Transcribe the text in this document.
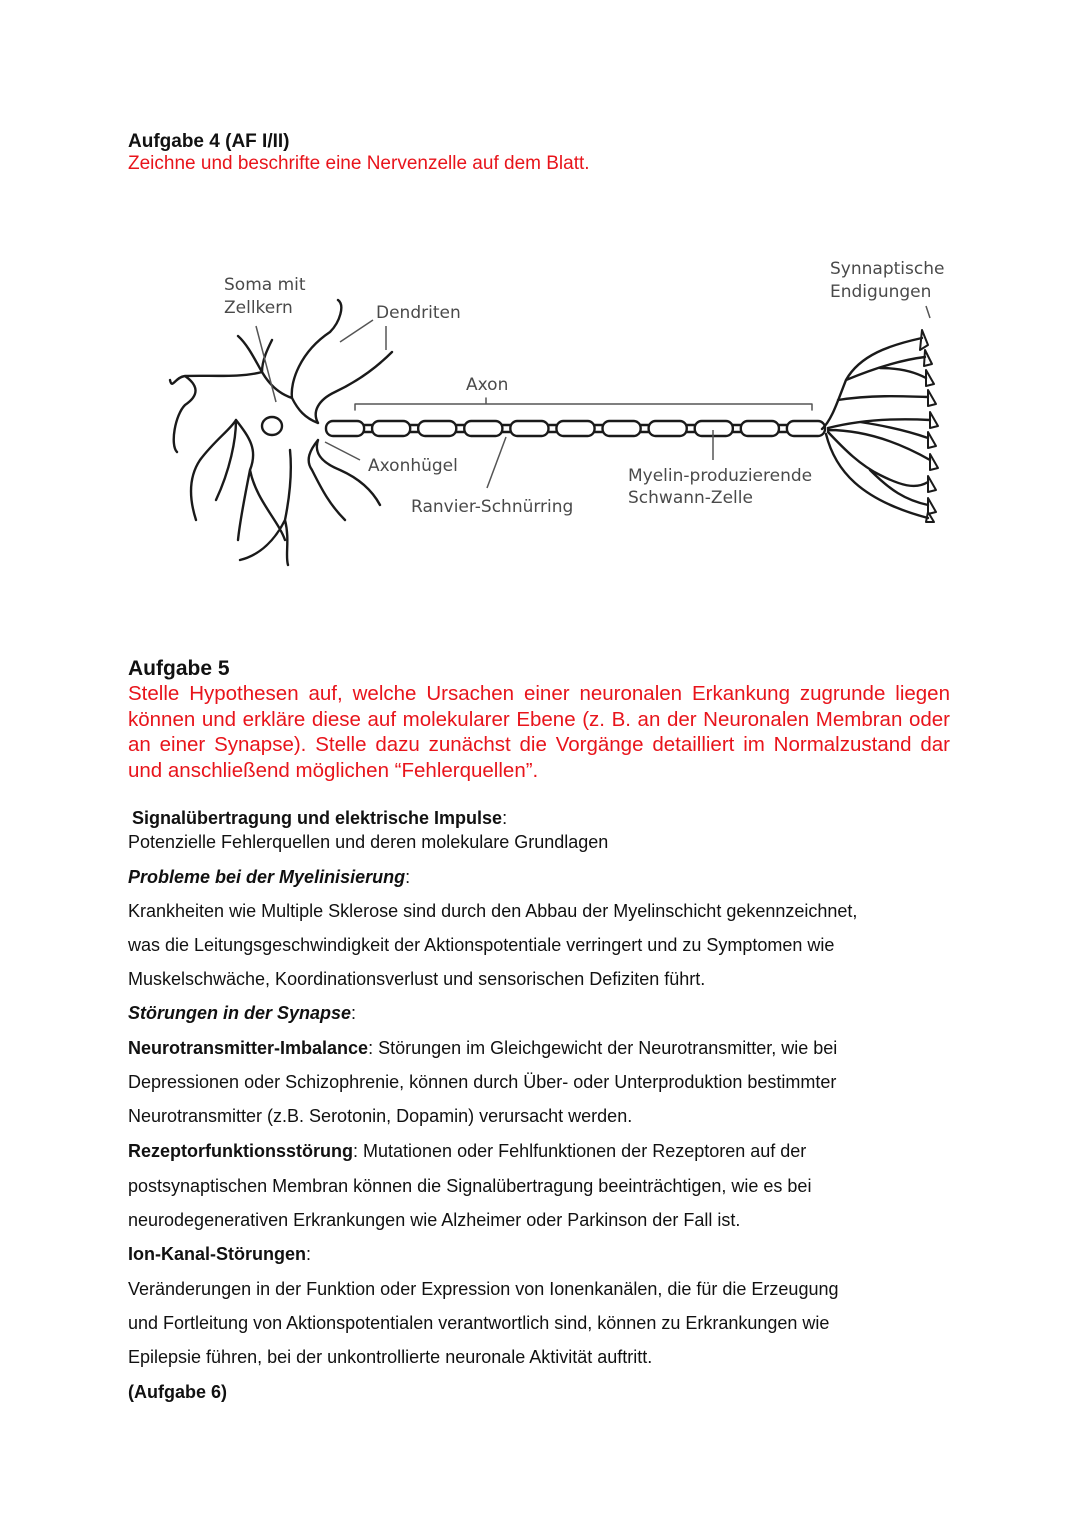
Aufgabe 4 (AF I/II)
Zeichne und beschrifte eine Nervenzelle auf dem Blatt.
Soma mit
Zellkern	Dendriten
Axon
Axonhügel
Ranvier-Schnürring
Myelin-produzierende
Schwann-Zelle
Synnaptische
Endigungen
Aufgabe 5
Stelle Hypothesen auf, welche Ursachen einer neuronalen Erkankung zugrunde liegen können und erkläre diese auf molekularer Ebene (z. B. an der Neuronalen Membran oder an einer Synapse). Stelle dazu zunächst die Vorgänge detailliert im Normalzustand dar und anschließend möglichen “Fehlerquellen”.
Signalübertragung und elektrische Impulse:
Potenzielle Fehlerquellen und deren molekulare Grundlagen
Probleme bei der Myelinisierung:
Krankheiten wie Multiple Sklerose sind durch den Abbau der Myelinschicht gekennzeichnet,
was die Leitungsgeschwindigkeit der Aktionspotentiale verringert und zu Symptomen wie
Muskelschwäche, Koordinationsverlust und sensorischen Defiziten führt.
Störungen in der Synapse:
Neurotransmitter-Imbalance: Störungen im Gleichgewicht der Neurotransmitter, wie bei
Depressionen oder Schizophrenie, können durch Über- oder Unterproduktion bestimmter
Neurotransmitter (z.B. Serotonin, Dopamin) verursacht werden.
Rezeptorfunktionsstörung: Mutationen oder Fehlfunktionen der Rezeptoren auf der
postsynaptischen Membran können die Signalübertragung beeinträchtigen, wie es bei
neurodegenerativen Erkrankungen wie Alzheimer oder Parkinson der Fall ist.
Ion-Kanal-Störungen:
Veränderungen in der Funktion oder Expression von Ionenkanälen, die für die Erzeugung
und Fortleitung von Aktionspotentialen verantwortlich sind, können zu Erkrankungen wie
Epilepsie führen, bei der unkontrollierte neuronale Aktivität auftritt.
(Aufgabe 6)
